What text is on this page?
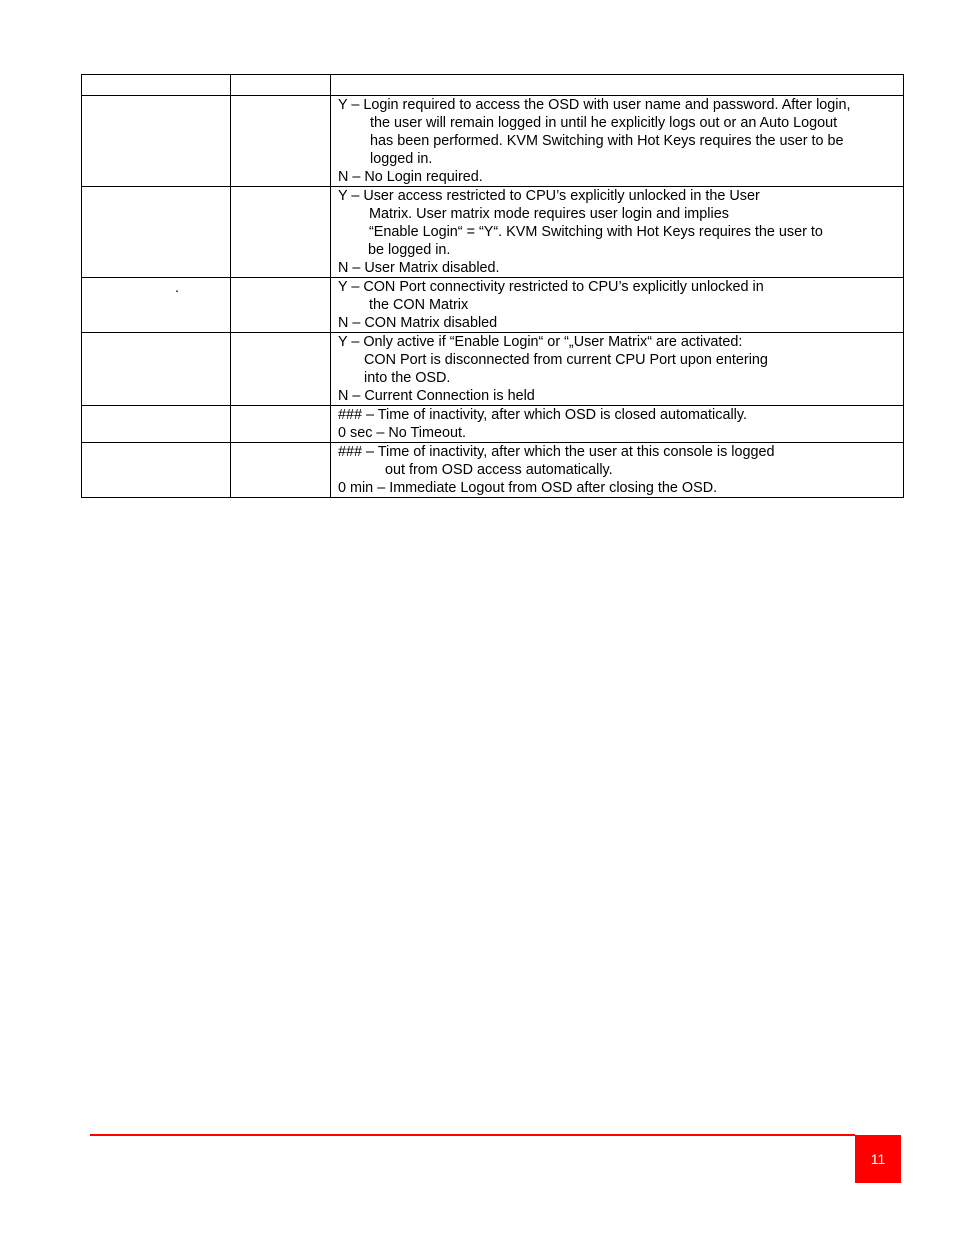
		Y – Login required to access the OSD with user name and password. After login,
the user will remain logged in until he explicitly logs out or an Auto Logout
has been performed. KVM Switching with Hot Keys requires the user to be
logged in.
N – No Login required.

		Y – User access restricted to CPU’s explicitly unlocked in the User
Matrix. User matrix mode requires user login and implies
“Enable Login“ = “Y“. KVM Switching with Hot Keys requires the user to
be logged in.
N – User Matrix disabled.

.		Y – CON Port connectivity restricted to CPU’s explicitly unlocked in
the CON Matrix
N – CON Matrix disabled

		Y – Only active if “Enable Login“ or “„User Matrix“ are activated:
CON Port is disconnected from current CPU Port upon entering
into the OSD.
N – Current Connection is held

		### – Time of inactivity, after which OSD is closed automatically.
0 sec – No Timeout.

		### – Time of inactivity, after which the user at this console is logged
out from OSD access automatically.
0 min – Immediate Logout from OSD after closing the OSD.
11
